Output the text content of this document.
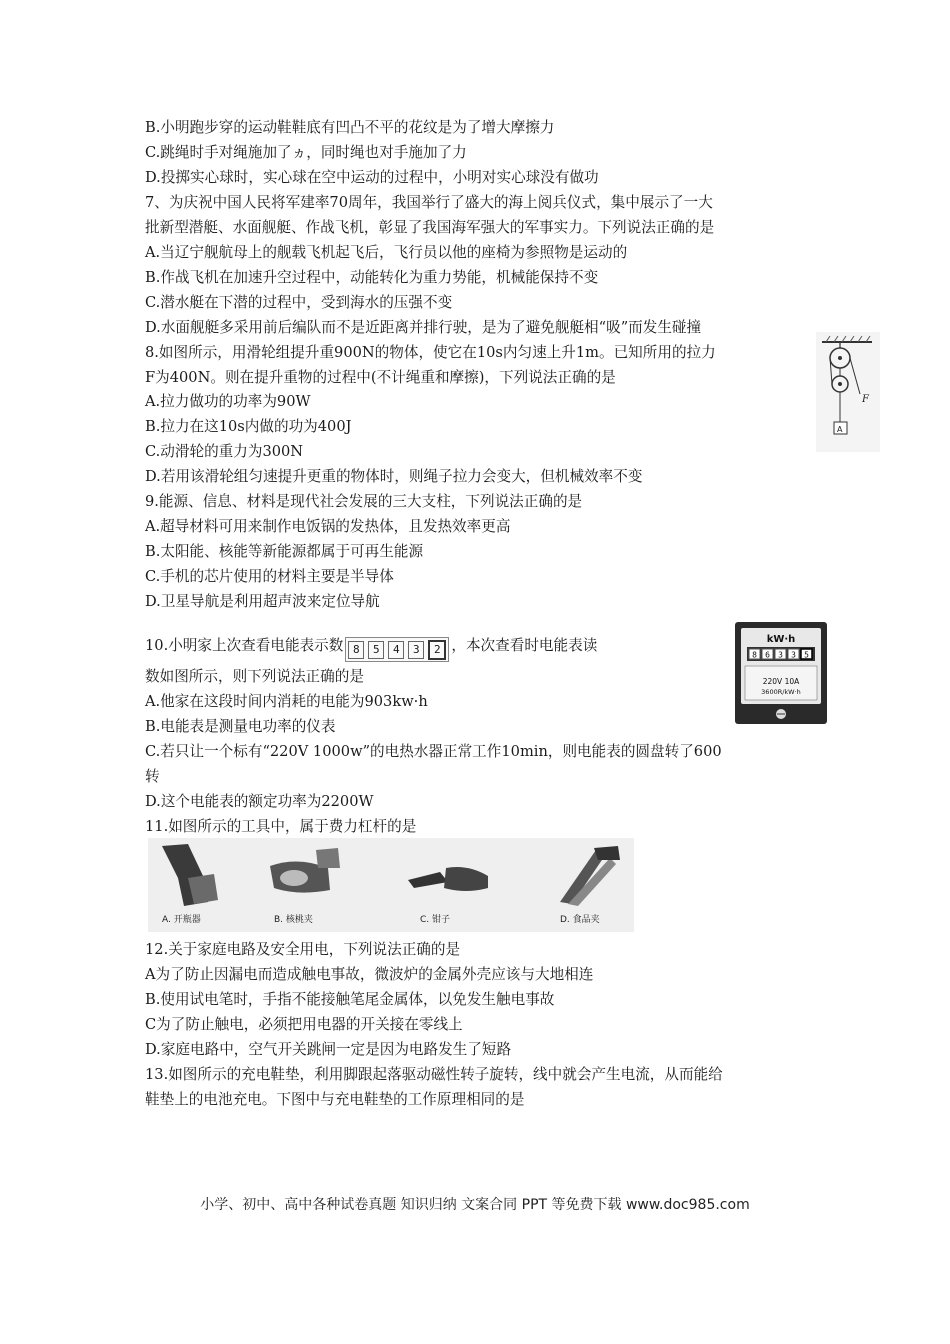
B.小明跑步穿的运动鞋鞋底有凹凸不平的花纹是为了增大摩擦力
C.跳绳时手对绳施加了ヵ，同时绳也对手施加了力
D.投掷实心球时，实心球在空中运动的过程中，小明对实心球没有做功
7、为庆祝中国人民将军建率70周年，我国举行了盛大的海上阅兵仪式，集中展示了一大
批新型潜艇、水面舰艇、作战飞机，彰显了我国海军强大的军事实力。下列说法正确的是
A.当辽宁舰航母上的舰载飞机起飞后，飞行员以他的座椅为参照物是运动的
B.作战飞机在加速升空过程中，动能转化为重力势能，机械能保持不变
C.潜水艇在下潜的过程中，受到海水的压强不变
D.水面舰艇多采用前后编队而不是近距离并排行驶，是为了避免舰艇相“吸”而发生碰撞
8.如图所示，用滑轮组提升重900N的物体，使它在10s内匀速上升1m。已知所用的拉力
F为400N。则在提升重物的过程中(不计绳重和摩擦)，下列说法正确的是
A.拉力做功的功率为90W
B.拉力在这10s内做的功为400J
C.动滑轮的重力为300N
D.若用该滑轮组匀速提升更重的物体时，则绳子拉力会变大，但机械效率不变
9.能源、信息、材料是现代社会发展的三大支柱，下列说法正确的是
A.超导材料可用来制作电饭锅的发热体，且发热效率更高
B.太阳能、核能等新能源都属于可再生能源
C.手机的芯片使用的材料主要是半导体
D.卫星导航是利用超声波来定位导航
F
A
10.小明家上次查看电能表示数 8 5 4 3 2 ，本次查看时电能表读	kW·h
8 6 3 3 5
220V 10A
3600R/kW·h
数如图所示，则下列说法正确的是
A.他家在这段时间内消耗的电能为903kw·h
B.电能表是测量电功率的仪表
C.若只让一个标有“220V 1000w”的电热水器正常工作10min，则电能表的圆盘转了600
转
D.这个电能表的额定功率为2200W
11.如图所示的工具中，属于费力杠杆的是
A. 开瓶器	B. 核桃夹	C. 钳子	D. 食品夹
12.关于家庭电路及安全用电，下列说法正确的是
A为了防止因漏电而造成触电事故，微波炉的金属外壳应该与大地相连
B.使用试电笔时，手指不能接触笔尾金属体，以免发生触电事故
C为了防止触电，必须把用电器的开关接在零线上
D.家庭电路中，空气开关跳闸一定是因为电路发生了短路
13.如图所示的充电鞋垫，利用脚跟起落驱动磁性转子旋转，线中就会产生电流，从而能给
鞋垫上的电池充电。下图中与充电鞋垫的工作原理相同的是
小学、初中、高中各种试卷真题 知识归纳 文案合同 PPT 等免费下载 www.doc985.com
